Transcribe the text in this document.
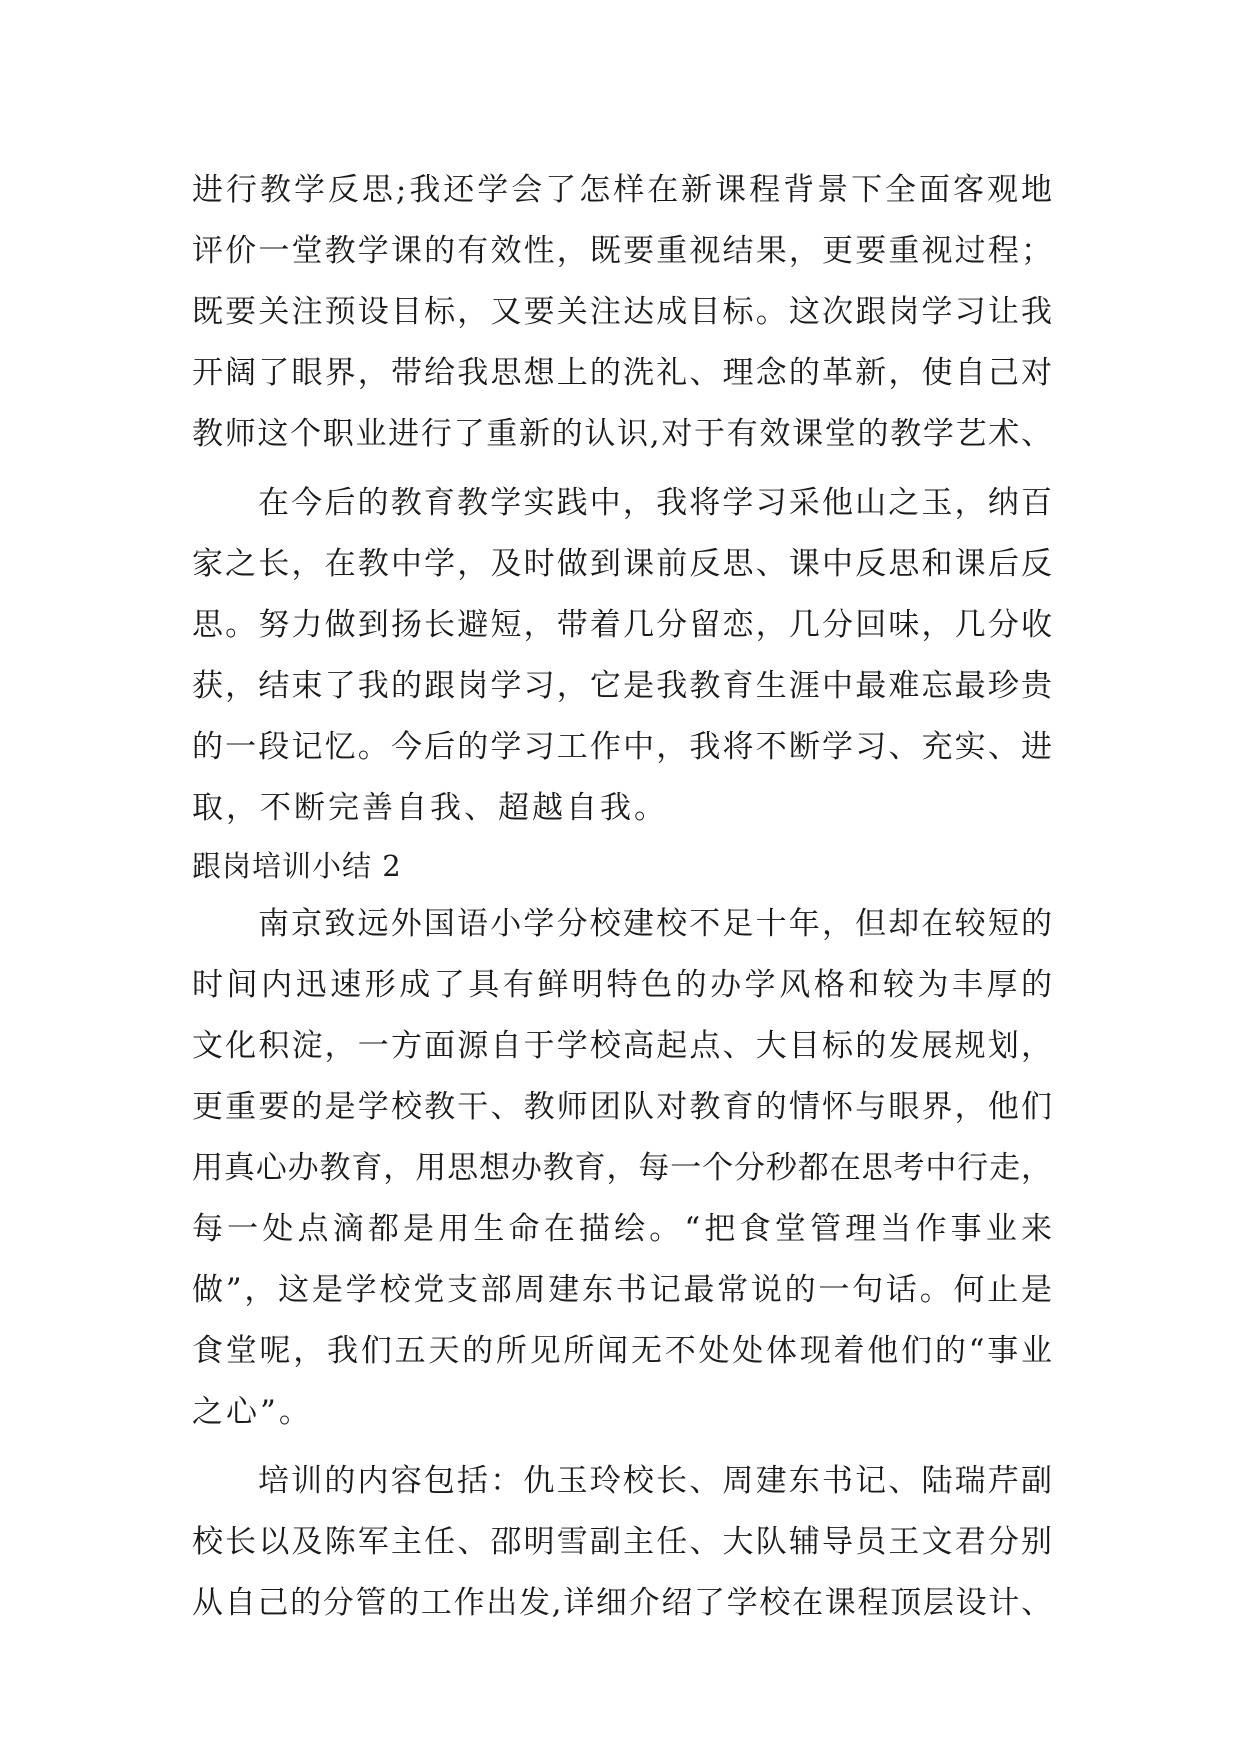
进行教学反思;我还学会了怎样在新课程背景下全面客观地
评价一堂教学课的有效性，既要重视结果，更要重视过程；
既要关注预设目标，又要关注达成目标。这次跟岗学习让我
开阔了眼界，带给我思想上的洗礼、理念的革新，使自己对
教师这个职业进行了重新的认识,对于有效课堂的教学艺术、
在今后的教育教学实践中，我将学习采他山之玉，纳百
家之长，在教中学，及时做到课前反思、课中反思和课后反
思。努力做到扬长避短，带着几分留恋，几分回味，几分收
获，结束了我的跟岗学习，它是我教育生涯中最难忘最珍贵
的一段记忆。今后的学习工作中，我将不断学习、充实、进
取，不断完善自我、超越自我。
跟岗培训小结 2
南京致远外国语小学分校建校不足十年，但却在较短的
时间内迅速形成了具有鲜明特色的办学风格和较为丰厚的
文化积淀，一方面源自于学校高起点、大目标的发展规划，
更重要的是学校教干、教师团队对教育的情怀与眼界，他们
用真心办教育，用思想办教育，每一个分秒都在思考中行走，
每一处点滴都是用生命在描绘。“把食堂管理当作事业来
做”，这是学校党支部周建东书记最常说的一句话。何止是
食堂呢，我们五天的所见所闻无不处处体现着他们的“事业
之心”。
培训的内容包括：仇玉玲校长、周建东书记、陆瑞芹副
校长以及陈军主任、邵明雪副主任、大队辅导员王文君分别
从自己的分管的工作出发,详细介绍了学校在课程顶层设计、
